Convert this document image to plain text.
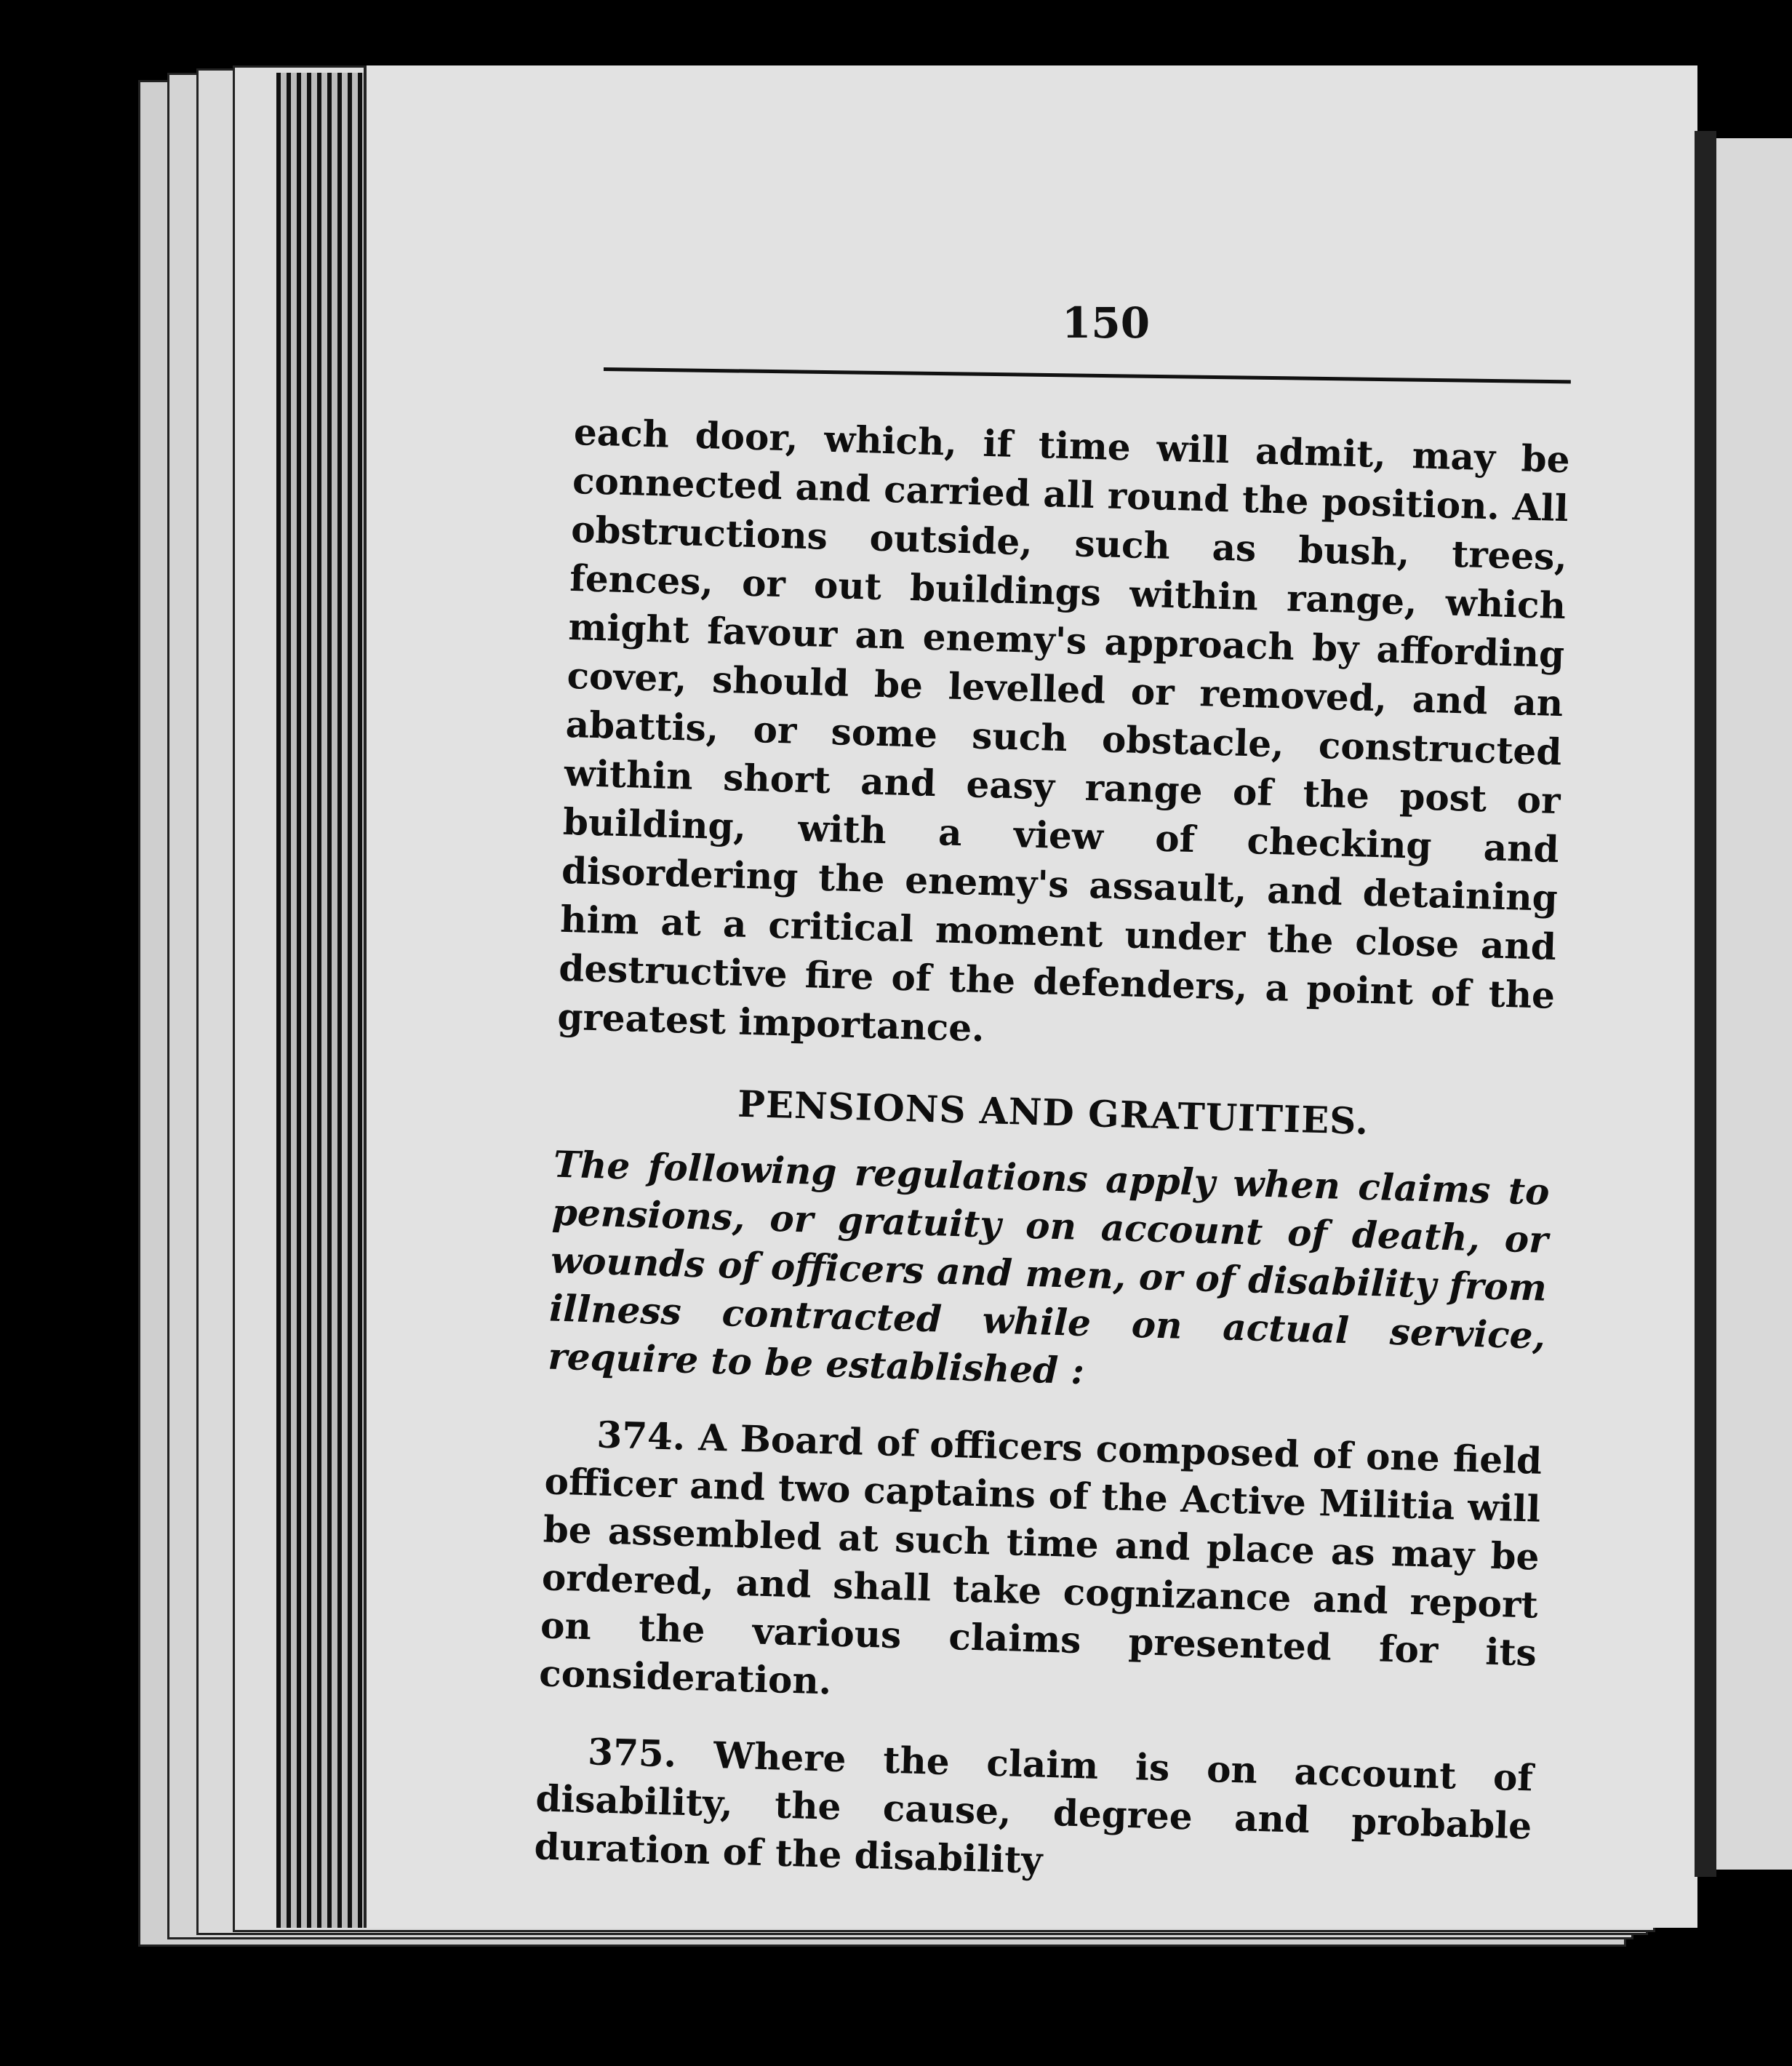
150

each door, which, if time will admit, may be connected and carried all round the position. All obstructions outside, such as bush, trees, fences, or out buildings within range, which might favour an enemy's approach by affording cover, should be levelled or removed, and an abattis, or some such obstacle, constructed within short and easy range of the post or building, with a view of checking and disordering the enemy's assault, and detaining him at a critical moment under the close and destructive fire of the defenders, a point of the greatest importance.

PENSIONS AND GRATUITIES.

The following regulations apply when claims to pensions, or gratuity on account of death, or wounds of officers and men, or of disability from illness contracted while on actual service, require to be established :

374. A Board of officers composed of one field officer and two captains of the Active Militia will be assembled at such time and place as may be ordered, and shall take cognizance and report on the various claims presented for its consideration.

375. Where the claim is on account of disability, the cause, degree and probable duration of the disability
